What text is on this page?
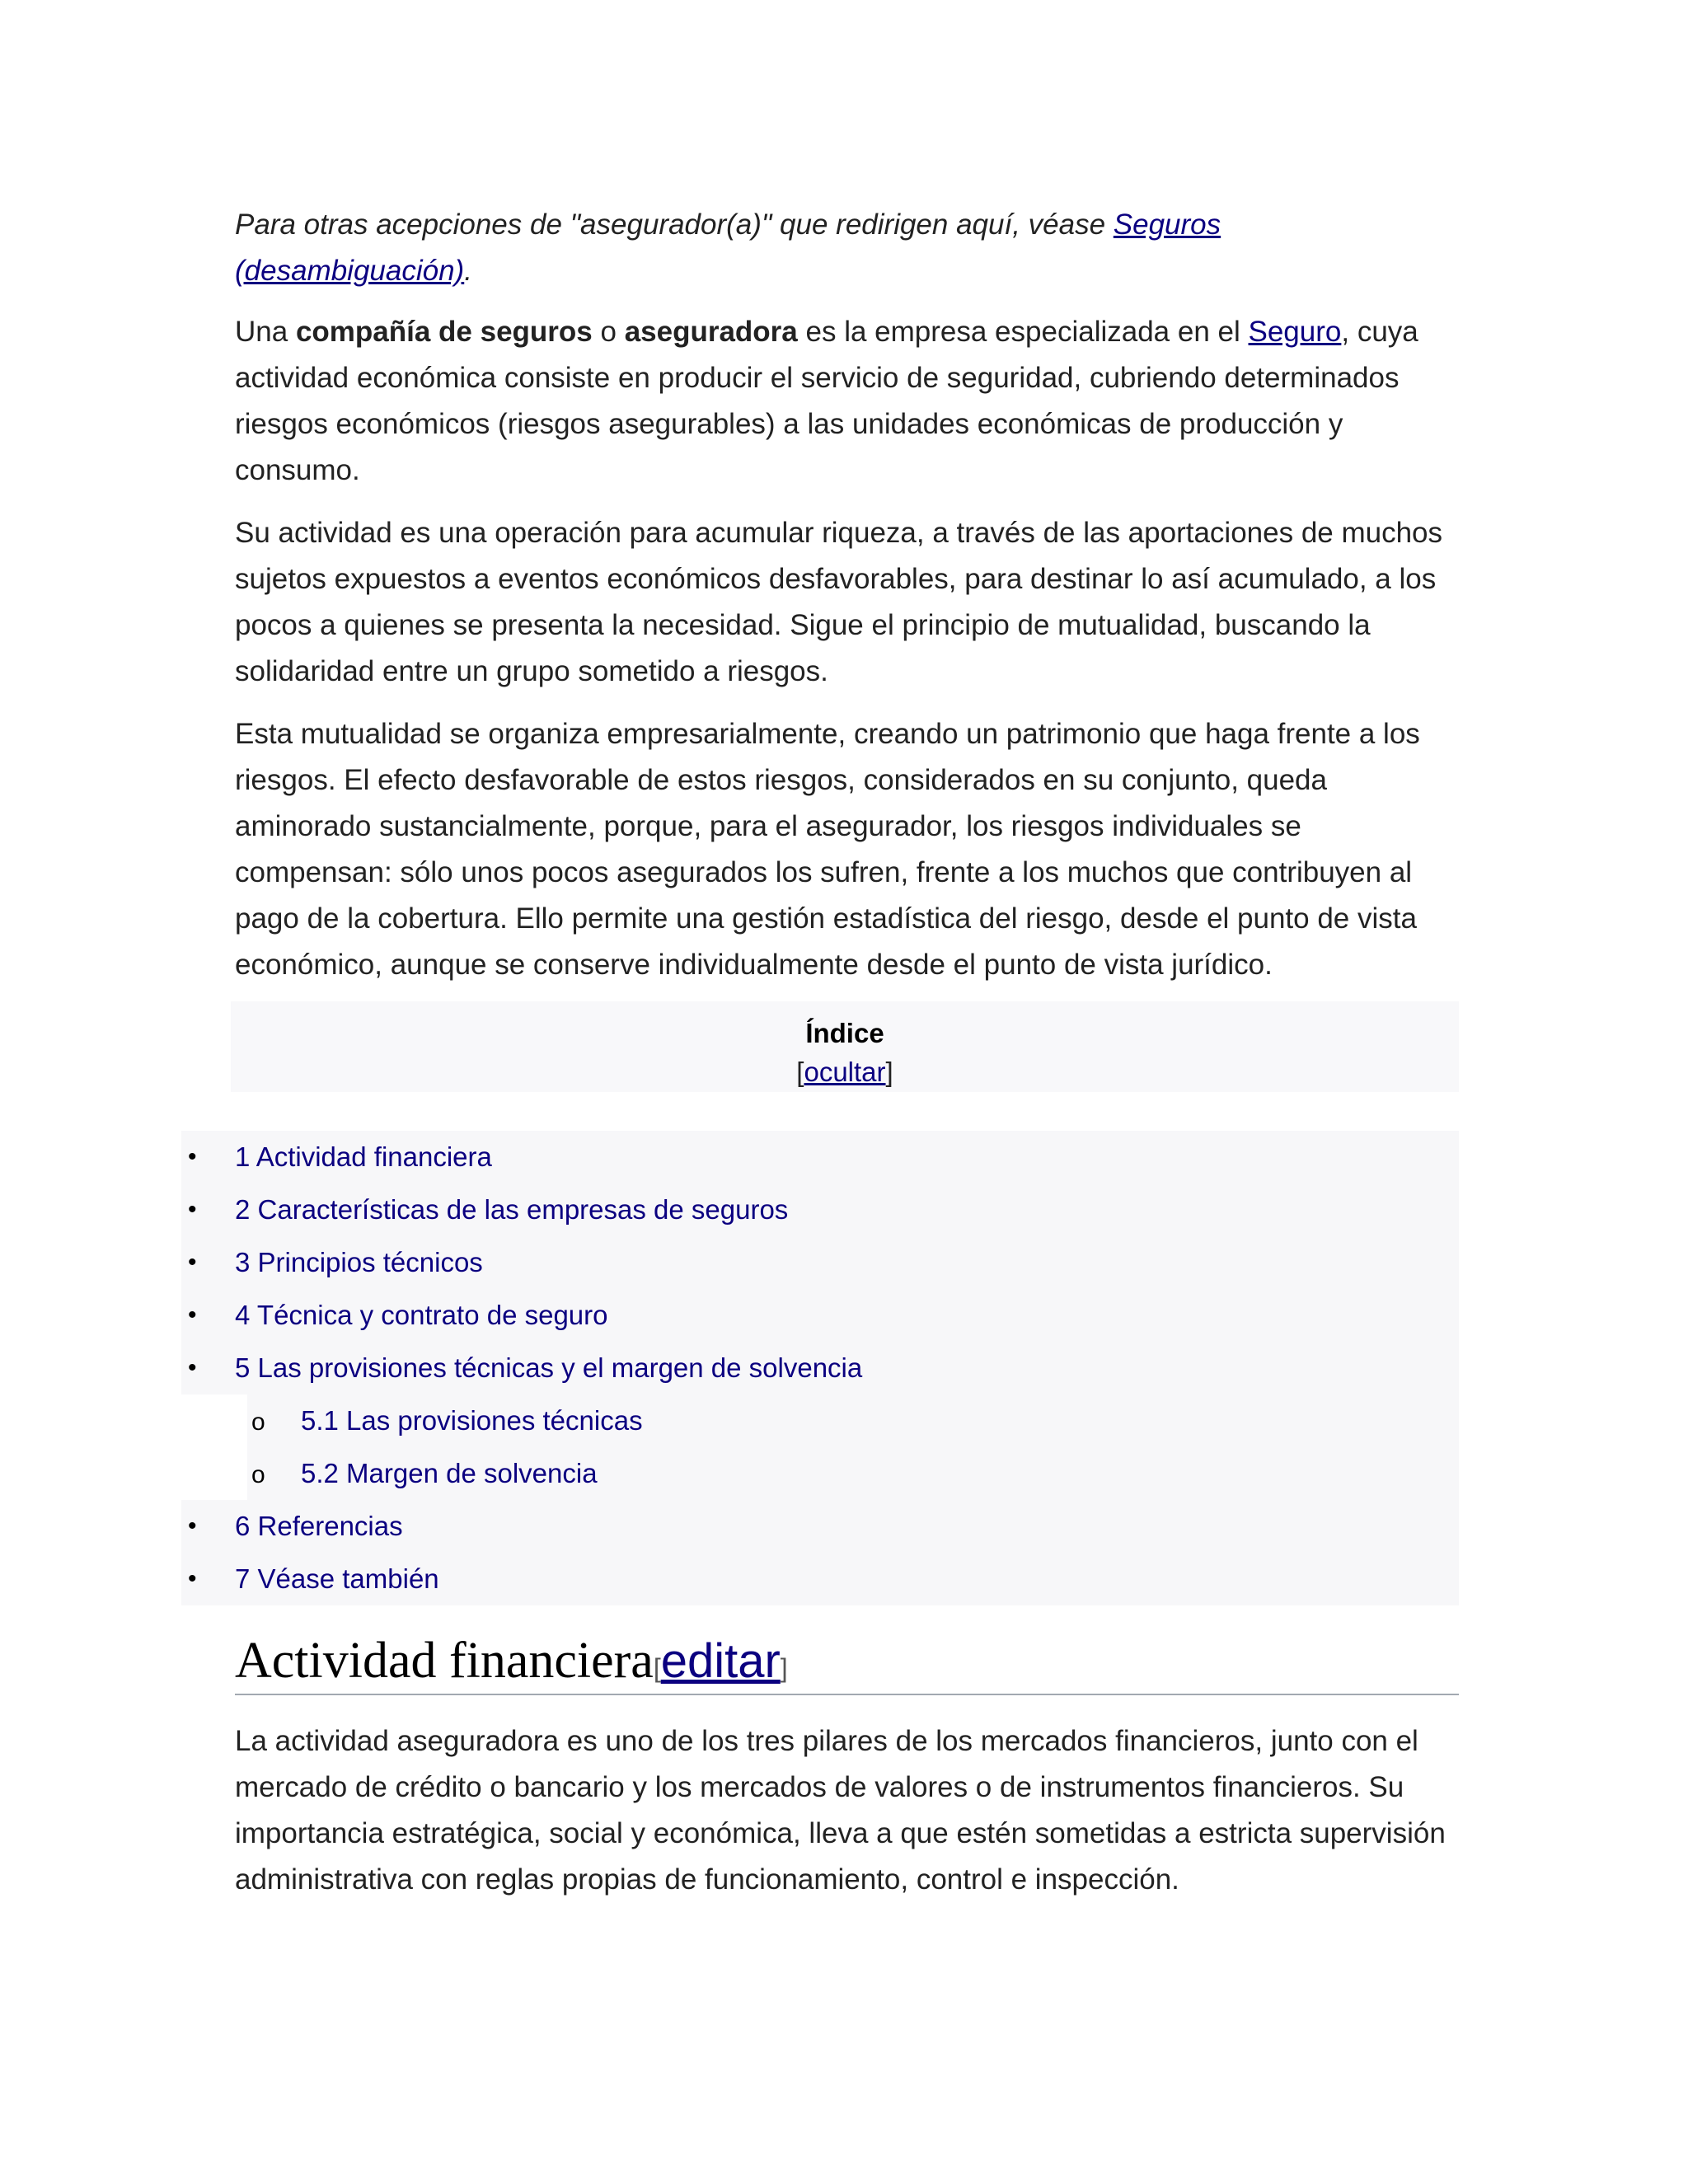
Para otras acepciones de "asegurador(a)" que redirigen aquí, véase Seguros (desambiguación).

Una compañía de seguros o aseguradora es la empresa especializada en el Seguro, cuya actividad económica consiste en producir el servicio de seguridad, cubriendo determinados riesgos económicos (riesgos asegurables) a las unidades económicas de producción y consumo.

Su actividad es una operación para acumular riqueza, a través de las aportaciones de muchos sujetos expuestos a eventos económicos desfavorables, para destinar lo así acumulado, a los pocos a quienes se presenta la necesidad. Sigue el principio de mutualidad, buscando la solidaridad entre un grupo sometido a riesgos.

Esta mutualidad se organiza empresarialmente, creando un patrimonio que haga frente a los riesgos. El efecto desfavorable de estos riesgos, considerados en su conjunto, queda aminorado sustancialmente, porque, para el asegurador, los riesgos individuales se compensan: sólo unos pocos asegurados los sufren, frente a los muchos que contribuyen al pago de la cobertura. Ello permite una gestión estadística del riesgo, desde el punto de vista económico, aunque se conserve individualmente desde el punto de vista jurídico.

Índice
[ocultar]
• 1 Actividad financiera
• 2 Características de las empresas de seguros
• 3 Principios técnicos
• 4 Técnica y contrato de seguro
• 5 Las provisiones técnicas y el margen de solvencia
o 5.1 Las provisiones técnicas
o 5.2 Margen de solvencia
• 6 Referencias
• 7 Véase también
Actividad financiera[editar]

La actividad aseguradora es uno de los tres pilares de los mercados financieros, junto con el mercado de crédito o bancario y los mercados de valores o de instrumentos financieros. Su importancia estratégica, social y económica, lleva a que estén sometidas a estricta supervisión administrativa con reglas propias de funcionamiento, control e inspección.
